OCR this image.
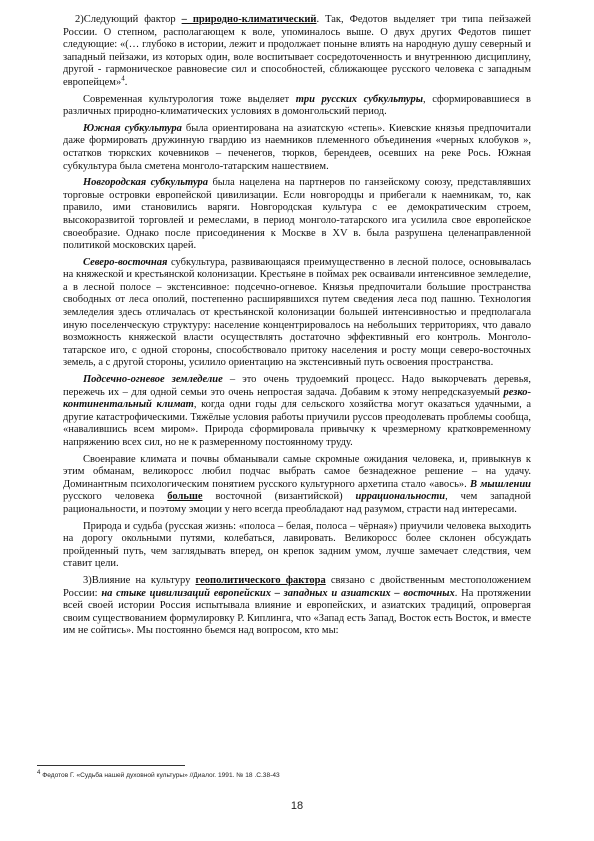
2)Следующий фактор – природно-климатический. Так, Федотов выделяет три типа пейзажей России. О степном, располагающем к воле, упоминалось выше. О двух других Федотов пишет следующие: «(… глубоко в истории, лежит и продолжает поныне влиять на народную душу северный и западный пейзажи, из которых один, воле воспитывает сосредоточенность и внутреннюю дисциплину, другой - гармоническое равновесие сил и способностей, сближающее русского человека с западным европейцем»$^4$.

Современная культурология тоже выделяет три русских субкультуры, сформировавшиеся в различных природно-климатических условиях в домонгольский период.

Южная субкультура была ориентирована на азиатскую «степь». Киевские князья предпочитали даже формировать дружинную гвардию из наемников племенного объединения «черных клобуков », остатков тюркских кочевников – печенегов, тюрков, берендеев, осевших на реке Рось. Южная субкультура была сметена монголо-татарским нашествием.

Новгородская субкультура была нацелена на партнеров по ганзейскому союзу, представлявших торговые островки европейской цивилизации. Если новгородцы и прибегали к наемникам, то, как правило, ими становились варяги. Новгородская культура с ее демократическим строем, высокоразвитой торговлей и ремеслами, в период монголо-татарского ига усилила свое европейское своеобразие. Однако после присоединения к Москве в XV в. была разрушена целенаправленной политикой московских царей.

Северо-восточная субкультура, развивающаяся преимущественно в лесной полосе, основывалась на княжеской и крестьянской колонизации. Крестьяне в поймах рек осваивали интенсивное земледелие, а в лесной полосе – экстенсивное: подсечно-огневое. Князья предпочитали большие пространства свободных от леса ополий, постепенно расширявшихся путем сведения леса под пашню. Технология земледелия здесь отличалась от крестьянской колонизации большей интенсивностью и предполагала иную поселенческую структуру: население концентрировалось на небольших территориях, что давало возможность княжеской власти осуществлять достаточно эффективный его контроль. Монголо-татарское иго, с одной стороны, способствовало притоку населения и росту мощи северо-восточных земель, а с другой стороны, усилило ориентацию на экстенсивный путь освоения пространства.

Подсечно-огневое земледелие – это очень трудоемкий процесс. Надо выкорчевать деревья, пережечь их – для одной семьи это очень непростая задача. Добавим к этому непредсказуемый резко- континентальный климат, когда одни годы для сельского хозяйства могут оказаться удачными, а другие катастрофическими. Тяжёлые условия работы приучили руссов преодолевать проблемы сообща, «навалившись всем миром». Природа сформировала привычку к чрезмерному кратковременному напряжению всех сил, но не к размеренному постоянному труду.

Своенравие климата и почвы обманывали самые скромные ожидания человека, и, привыкнув к этим обманам, великоросс любил подчас выбрать самое безнадежное решение – на удачу. Доминантным психологическим понятием русского культурного архетипа стало «авось». В мышлении русского человека больше восточной (византийской) иррациональности, чем западной рациональности, и поэтому эмоции у него всегда преобладают над разумом, страсти над интересами.

Природа и судьба (русская жизнь: «полоса – белая, полоса – чёрная») приучили человека выходить на дорогу окольными путями, колебаться, лавировать. Великоросс более склонен обсуждать пройденный путь, чем заглядывать вперед, он крепок задним умом, лучше замечает следствия, чем ставит цели.

3)Влияние на культуру геополитического фактора связано с двойственным местоположением России: на стыке цивилизаций европейских – западных и азиатских – восточных. На протяжении всей своей истории Россия испытывала влияние и европейских, и азиатских традиций, опровергая своим существованием формулировку Р. Киплинга, что «Запад есть Запад, Восток есть Восток, и вместе им не сойтись». Мы постоянно бьемся над вопросом, кто мы:

$^4$ Федотов Г. «Судьба нашей духовной культуры» //Диалог. 1991. № 18 .С.38-43
18
